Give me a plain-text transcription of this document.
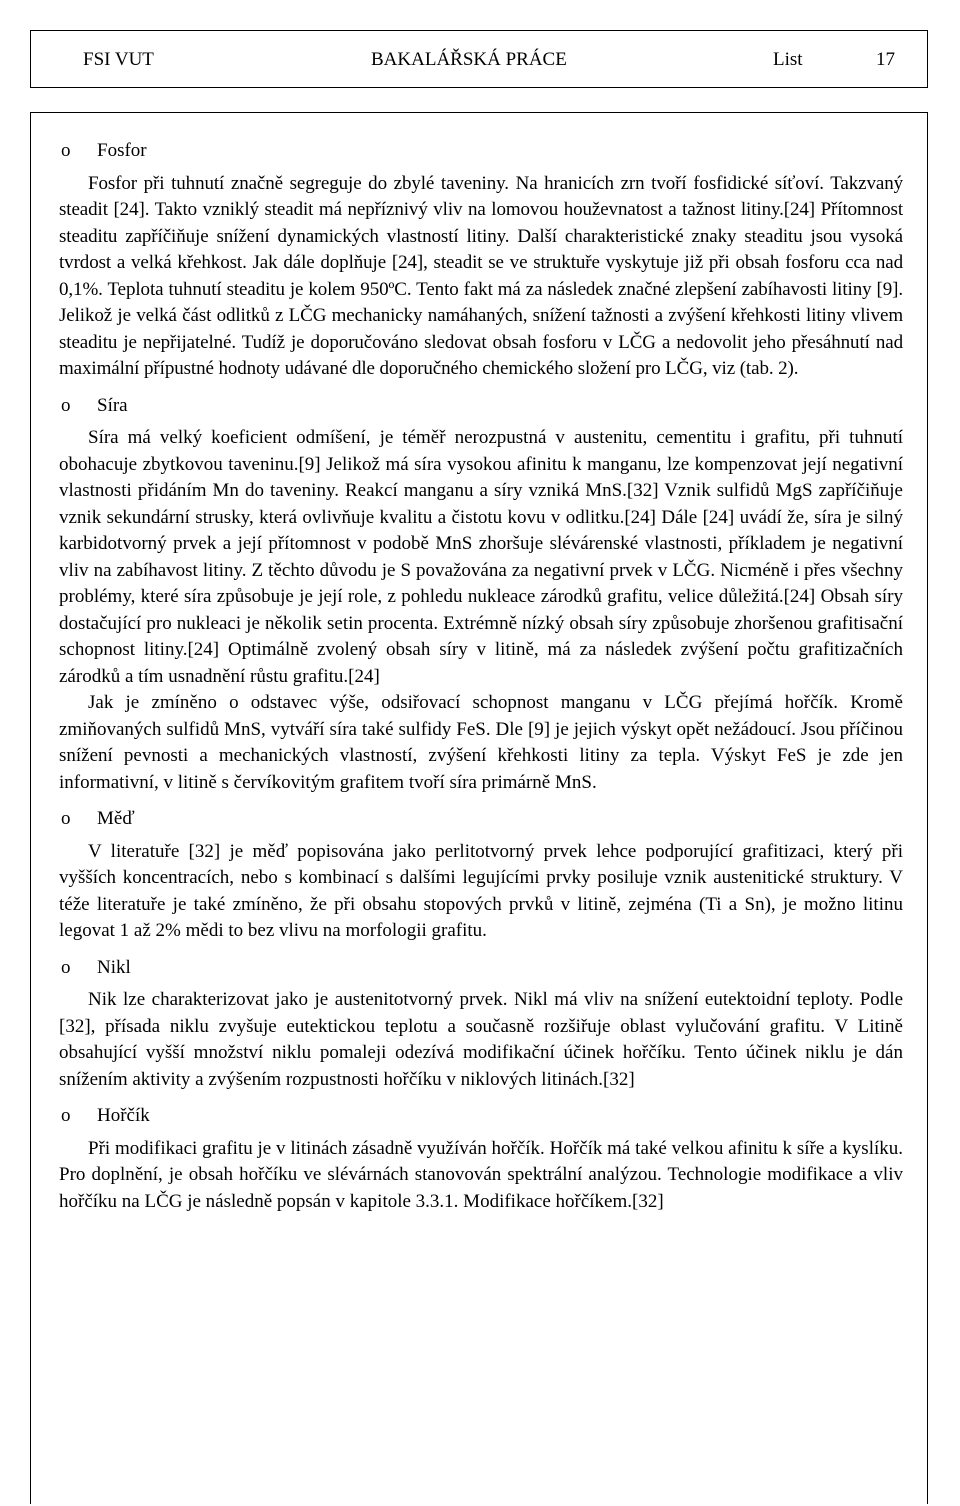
FSI VUT	BAKALÁŘSKÁ PRÁCE	List	17
o	Fosfor

Fosfor při tuhnutí značně segreguje do zbylé taveniny. Na hranicích zrn tvoří fosfidické síťoví. Takzvaný steadit [24]. Takto vzniklý steadit má nepříznivý vliv na lomovou houževnatost a tažnost litiny.[24] Přítomnost steaditu zapříčiňuje snížení dynamických vlastností litiny. Další charakteristické znaky steaditu jsou vysoká tvrdost a velká křehkost. Jak dále doplňuje [24], steadit se ve struktuře vyskytuje již při obsah fosforu cca nad 0,1%. Teplota tuhnutí steaditu je kolem 950ºC. Tento fakt má za následek značné zlepšení zabíhavosti litiny [9]. Jelikož je velká část odlitků z LČG mechanicky namáhaných, snížení tažnosti a zvýšení křehkosti litiny vlivem steaditu je nepřijatelné. Tudíž je doporučováno sledovat obsah fosforu v LČG a nedovolit jeho přesáhnutí nad maximální přípustné hodnoty udávané dle doporučného chemického složení pro LČG, viz (tab. 2).

o	Síra

Síra má velký koeficient odmíšení, je téměř nerozpustná v austenitu, cementitu i grafitu, při tuhnutí obohacuje zbytkovou taveninu.[9] Jelikož má síra vysokou afinitu k manganu, lze kompenzovat její negativní vlastnosti přidáním Mn do taveniny. Reakcí manganu a síry vzniká MnS.[32] Vznik sulfidů MgS zapříčiňuje vznik sekundární strusky, která ovlivňuje kvalitu a čistotu kovu v odlitku.[24] Dále [24] uvádí že, síra je silný karbidotvorný prvek a její přítomnost v podobě MnS zhoršuje slévárenské vlastnosti, příkladem je negativní vliv na zabíhavost litiny. Z těchto důvodu je S považována za negativní prvek v LČG. Nicméně i přes všechny problémy, které síra způsobuje je její role, z pohledu nukleace zárodků grafitu, velice důležitá.[24] Obsah síry dostačující pro nukleaci je několik setin procenta. Extrémně nízký obsah síry způsobuje zhoršenou grafitisační schopnost litiny.[24] Optimálně zvolený obsah síry v litině, má za následek zvýšení počtu grafitizačních zárodků a tím usnadnění růstu grafitu.[24]

Jak je zmíněno o odstavec výše, odsiřovací schopnost manganu v LČG přejímá hořčík. Kromě zmiňovaných sulfidů MnS, vytváří síra také sulfidy FeS. Dle [9] je jejich výskyt opět nežádoucí. Jsou příčinou snížení pevnosti a mechanických vlastností, zvýšení křehkosti litiny za tepla. Výskyt FeS je zde jen informativní, v litině s červíkovitým grafitem tvoří síra primárně MnS.

o	Měď

V literatuře [32] je měď popisována jako perlitotvorný prvek lehce podporující grafitizaci, který při vyšších koncentracích, nebo s kombinací s dalšími legujícími prvky posiluje vznik austenitické struktury. V téže literatuře je také zmíněno, že při obsahu stopových prvků v litině, zejména (Ti a Sn), je možno litinu legovat 1 až 2% mědi to bez vlivu na morfologii grafitu.

o	Nikl

Nik lze charakterizovat jako je austenitotvorný prvek. Nikl má vliv na snížení eutektoidní teploty. Podle [32], přísada niklu zvyšuje eutektickou teplotu a současně rozšiřuje oblast vylučování grafitu. V Litině obsahující vyšší množství niklu pomaleji odezívá modifikační účinek hořčíku. Tento účinek niklu je dán snížením aktivity a zvýšením rozpustnosti hořčíku v niklových litinách.[32]

o	Hořčík

Při modifikaci grafitu je v litinách zásadně využíván hořčík. Hořčík má také velkou afinitu k síře a kyslíku. Pro doplnění, je obsah hořčíku ve slévárnách stanovován spektrální analýzou. Technologie modifikace a vliv hořčíku na LČG je následně popsán v kapitole 3.3.1. Modifikace hořčíkem.[32]
